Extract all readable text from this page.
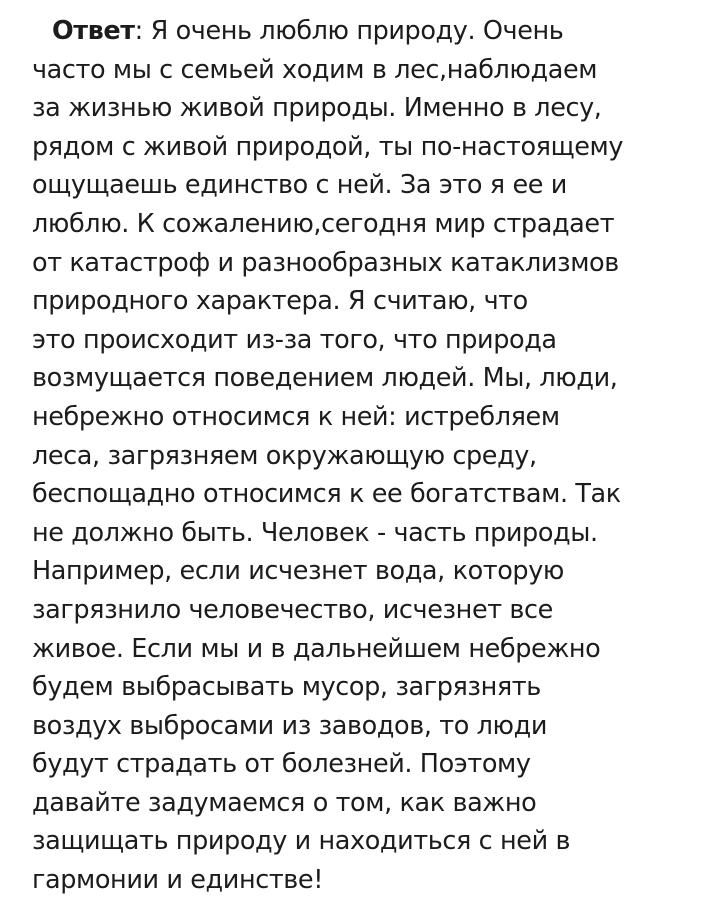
Ответ: Я очень люблю природу. Очень
часто мы с семьей ходим в лес,наблюдаем
за жизнью живой природы. Именно в лесу,
рядом с живой природой, ты по-настоящему
ощущаешь единство с ней. За это я ее и
люблю. К сожалению,сегодня мир страдает
от катастроф и разнообразных катаклизмов
природного характера. Я считаю, что
это происходит из-за того, что природа
возмущается поведением людей. Мы, люди,
небрежно относимся к ней: истребляем
леса, загрязняем окружающую среду,
беспощадно относимся к ее богатствам. Так
не должно быть. Человек - часть природы.
Например, если исчезнет вода, которую
загрязнило человечество, исчезнет все
живое. Если мы и в дальнейшем небрежно
будем выбрасывать мусор, загрязнять
воздух выбросами из заводов, то люди
будут страдать от болезней. Поэтому
давайте задумаемся о том, как важно
защищать природу и находиться с ней в
гармонии и единстве!
